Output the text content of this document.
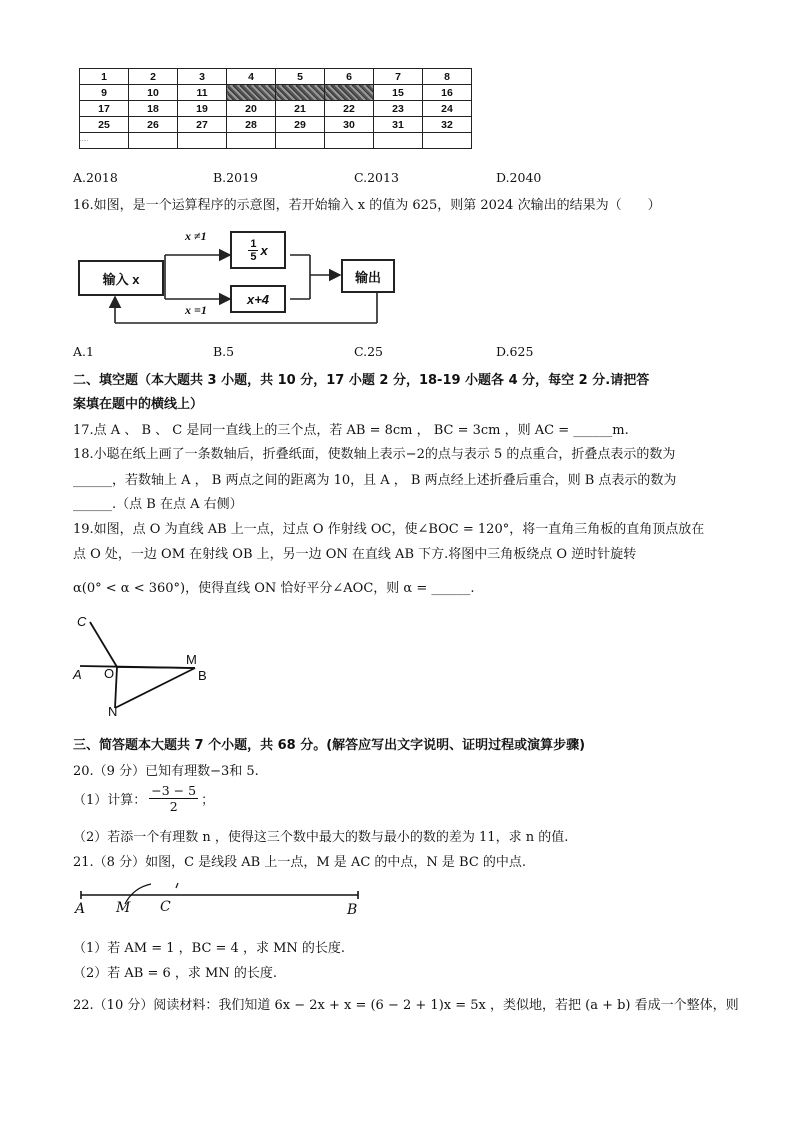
1	2	3	4	5	6	7	8
9	10	11				15	16
17	18	19	20	21	22	23	24
25	26	27	28	29	30	31	32
·····							
A.2018	B.2019	C.2013	D.2040
16.如图，是一个运算程序的示意图，若开始输入 x 的值为 625，则第 2024 次输出的结果为（　　）
输入 x
$\frac{1}{5}$ x
x+4
输出
x ≠1
x =1
A.1	B.5	C.25	D.625
二、填空题（本大题共 3 小题，共 10 分，17 小题 2 分，18-19 小题各 4 分，每空 2 分.请把答
案填在题中的横线上）
17.点 A 、 B 、 C 是同一直线上的三个点，若 AB = 8cm ， BC = 3cm ，则 AC = ______m.
18.小聪在纸上画了一条数轴后，折叠纸面，使数轴上表示−2的点与表示 5 的点重合，折叠点表示的数为
______，若数轴上 A ， B 两点之间的距离为 10，且 A ， B 两点经上述折叠后重合，则 B 点表示的数为
______.（点 B 在点 A 右侧）
19.如图，点 O 为直线 AB 上一点，过点 O 作射线 OC，使∠BOC = 120°，将一直角三角板的直角顶点放在
点 O 处，一边 OM 在射线 OB 上，另一边 ON 在直线 AB 下方.将图中三角板绕点 O 逆时针旋转
α(0° < α < 360°)，使得直线 ON 恰好平分∠AOC，则 α = ______.
C
A O
M
B
N
三、简答题本大题共 7 个小题，共 68 分。(解答应写出文字说明、证明过程或演算步骤)
20.（9 分）已知有理数−3和 5.
（1）计算： $\frac{-3 - 5}{2}$ ；
（2）若添一个有理数 n ，使得这三个数中最大的数与最小的数的差为 11，求 n 的值.
21.（8 分）如图，C 是线段 AB 上一点，M 是 AC 的中点，N 是 BC 的中点.
A M C	B
（1）若 AM = 1 ，BC = 4 ，求 MN 的长度.
（2）若 AB = 6 ，求 MN 的长度.
22.（10 分）阅读材料：我们知道 6x − 2x + x = (6 − 2 + 1)x = 5x ，类似地，若把 (a + b) 看成一个整体，则
